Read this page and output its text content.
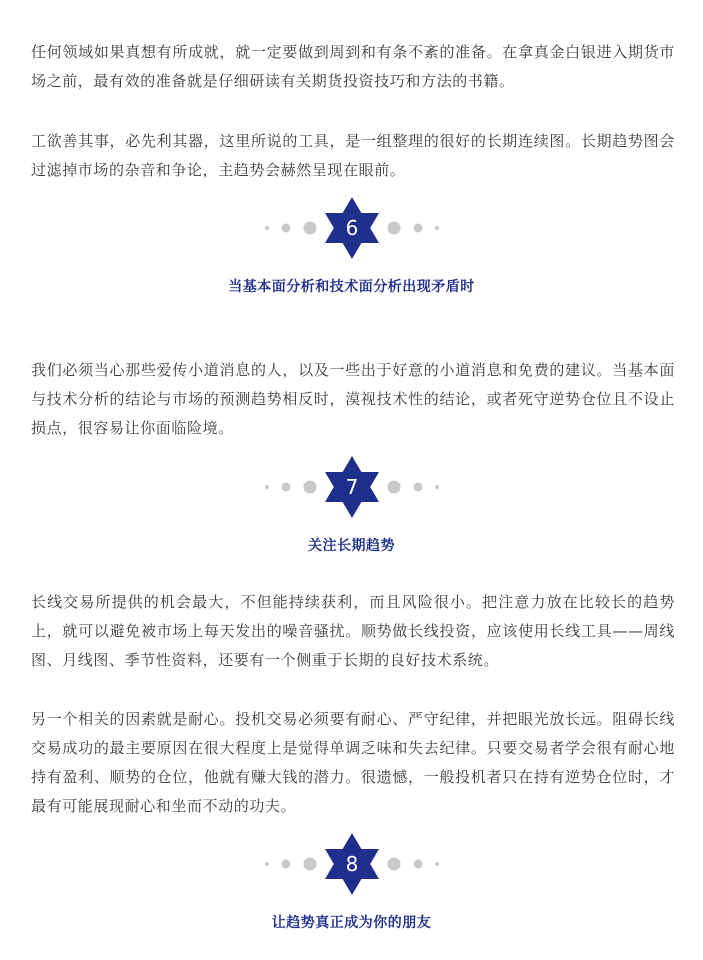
任何领域如果真想有所成就，就一定要做到周到和有条不紊的准备。在拿真金白银进入期货市场之前，最有效的准备就是仔细研读有关期货投资技巧和方法的书籍。

工欲善其事，必先利其器，这里所说的工具，是一组整理的很好的长期连续图。长期趋势图会过滤掉市场的杂音和争论，主趋势会赫然呈现在眼前。

6

当基本面分析和技术面分析出现矛盾时

我们必须当心那些爱传小道消息的人，以及一些出于好意的小道消息和免费的建议。当基本面与技术分析的结论与市场的预测趋势相反时，漠视技术性的结论，或者死守逆势仓位且不设止损点，很容易让你面临险境。

7

关注长期趋势

长线交易所提供的机会最大，不但能持续获利，而且风险很小。把注意力放在比较长的趋势上，就可以避免被市场上每天发出的噪音骚扰。顺势做长线投资，应该使用长线工具——周线图、月线图、季节性资料，还要有一个侧重于长期的良好技术系统。

另一个相关的因素就是耐心。投机交易必须要有耐心、严守纪律，并把眼光放长远。阻碍长线交易成功的最主要原因在很大程度上是觉得单调乏味和失去纪律。只要交易者学会很有耐心地持有盈利、顺势的仓位，他就有赚大钱的潜力。很遗憾，一般投机者只在持有逆势仓位时，才最有可能展现耐心和坐而不动的功夫。

8

让趋势真正成为你的朋友
